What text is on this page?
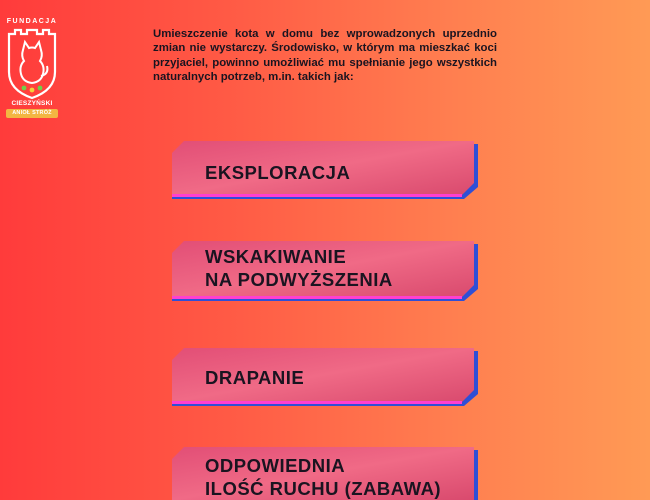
FUNDACJA
CIESZYŃSKI
ANIOŁ STRÓŻ

Umieszczenie kota w domu bez wprowadzonych uprzednio zmian nie wystarczy. Środowisko, w którym ma mieszkać koci przyjaciel, powinno umożliwiać mu spełnianie jego wszystkich naturalnych potrzeb, m.in. takich jak:

EKSPLORACJA
WSKAKIWANIE
NA PODWYŻSZENIA
DRAPANIE
ODPOWIEDNIA
ILOŚĆ RUCHU (ZABAWA)
